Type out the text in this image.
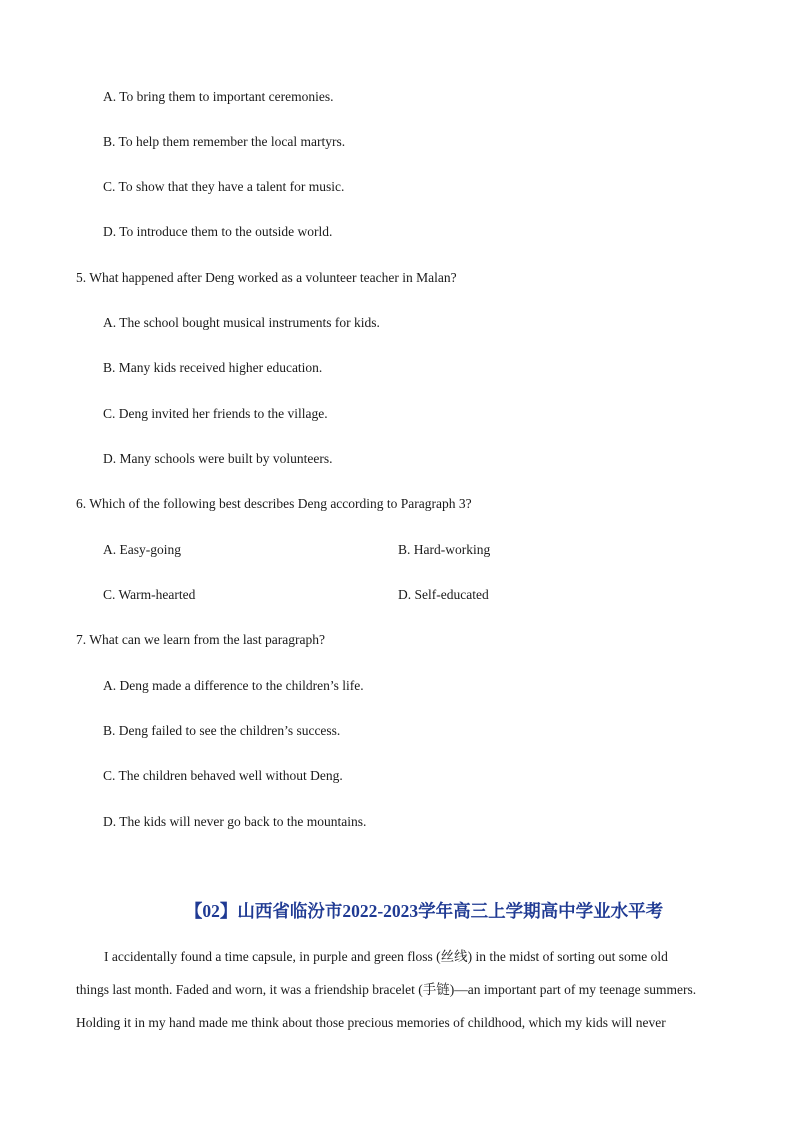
A. To bring them to important ceremonies.
B. To help them remember the local martyrs.
C. To show that they have a talent for music.
D. To introduce them to the outside world.
5. What happened after Deng worked as a volunteer teacher in Malan?
A. The school bought musical instruments for kids.
B. Many kids received higher education.
C. Deng invited her friends to the village.
D. Many schools were built by volunteers.
6. Which of the following best describes Deng according to Paragraph 3?
A. Easy-going	B. Hard-working
C. Warm-hearted	D. Self-educated
7. What can we learn from the last paragraph?
A. Deng made a difference to the children’s life.
B. Deng failed to see the children’s success.
C. The children behaved well without Deng.
D. The kids will never go back to the mountains.
【02】山西省临汾市2022-2023学年高三上学期高中学业水平考
I accidentally found a time capsule, in purple and green floss (丝线) in the midst of sorting out some old
things last month. Faded and worn, it was a friendship bracelet (手链)—an important part of my teenage summers.
Holding it in my hand made me think about those precious memories of childhood, which my kids will never
